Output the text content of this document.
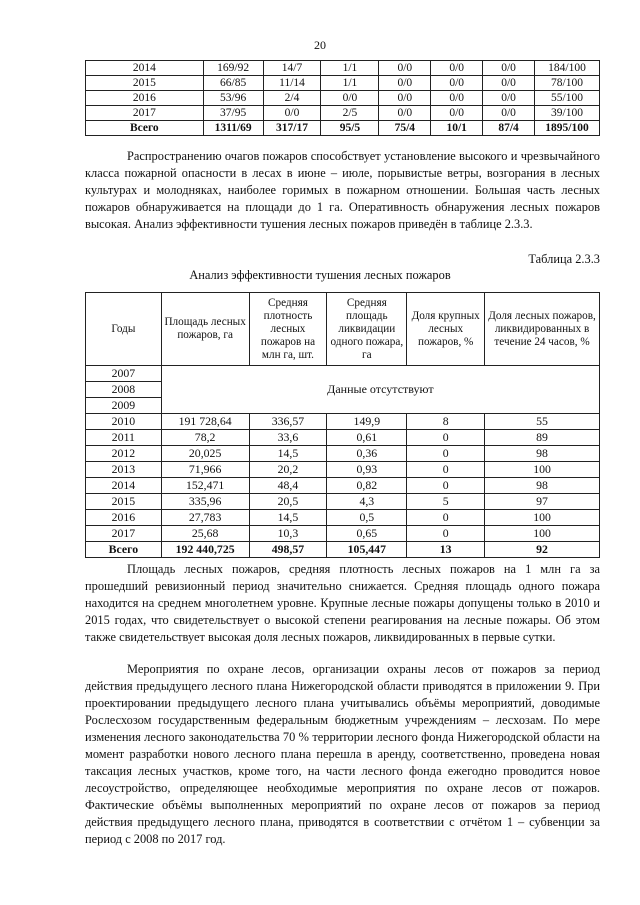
20
2014	169/92	14/7	1/1	0/0	0/0	0/0	184/100
2015	66/85	11/14	1/1	0/0	0/0	0/0	78/100
2016	53/96	2/4	0/0	0/0	0/0	0/0	55/100
2017	37/95	0/0	2/5	0/0	0/0	0/0	39/100
Всего	1311/69	317/17	95/5	75/4	10/1	87/4	1895/100

Распространению очагов пожаров способствует установление высокого и чрезвычайного класса пожарной опасности в лесах в июне – июле, порывистые ветры, возгорания в лесных культурах и молодняках, наиболее горимых в пожарном отношении. Большая часть лесных пожаров обнаруживается на площади до 1 га. Оперативность обнаружения лесных пожаров высокая. Анализ эффективности тушения лесных пожаров приведён в таблице 2.3.3.

Таблица 2.3.3
Анализ эффективности тушения лесных пожаров
Годы	Площадь лесных пожаров, га	Средняя плотность лесных пожаров на млн га, шт.	Средняя площадь ликвидации одного пожара, га	Доля крупных лесных пожаров, %	Доля лесных пожаров, ликвидированных в течение 24 часов, %
2007	Данные отсутствуют				
2008					
2009					
2010	191 728,64	336,57	149,9	8	55
2011	78,2	33,6	0,61	0	89
2012	20,025	14,5	0,36	0	98
2013	71,966	20,2	0,93	0	100
2014	152,471	48,4	0,82	0	98
2015	335,96	20,5	4,3	5	97
2016	27,783	14,5	0,5	0	100
2017	25,68	10,3	0,65	0	100
Всего	192 440,725	498,57	105,447	13	92

Площадь лесных пожаров, средняя плотность лесных пожаров на 1 млн га за прошедший ревизионный период значительно снижается. Средняя площадь одного пожара находится на среднем многолетнем уровне. Крупные лесные пожары допущены только в 2010 и 2015 годах, что свидетельствует о высокой степени реагирования на лесные пожары. Об этом также свидетельствует высокая доля лесных пожаров, ликвидированных в первые сутки.

Мероприятия по охране лесов, организации охраны лесов от пожаров за период действия предыдущего лесного плана Нижегородской области приводятся в приложении 9. При проектировании предыдущего лесного плана учитывались объёмы мероприятий, доводимые Рослесхозом государственным федеральным бюджетным учреждениям – лесхозам. По мере изменения лесного законодательства 70 % территории лесного фонда Нижегородской области на момент разработки нового лесного плана перешла в аренду, соответственно, проведена новая таксация лесных участков, кроме того, на части лесного фонда ежегодно проводится новое лесоустройство, определяющее необходимые мероприятия по охране лесов от пожаров. Фактические объёмы выполненных мероприятий по охране лесов от пожаров за период действия предыдущего лесного плана, приводятся в соответствии с отчётом 1 – субвенции за период с 2008 по 2017 год.
